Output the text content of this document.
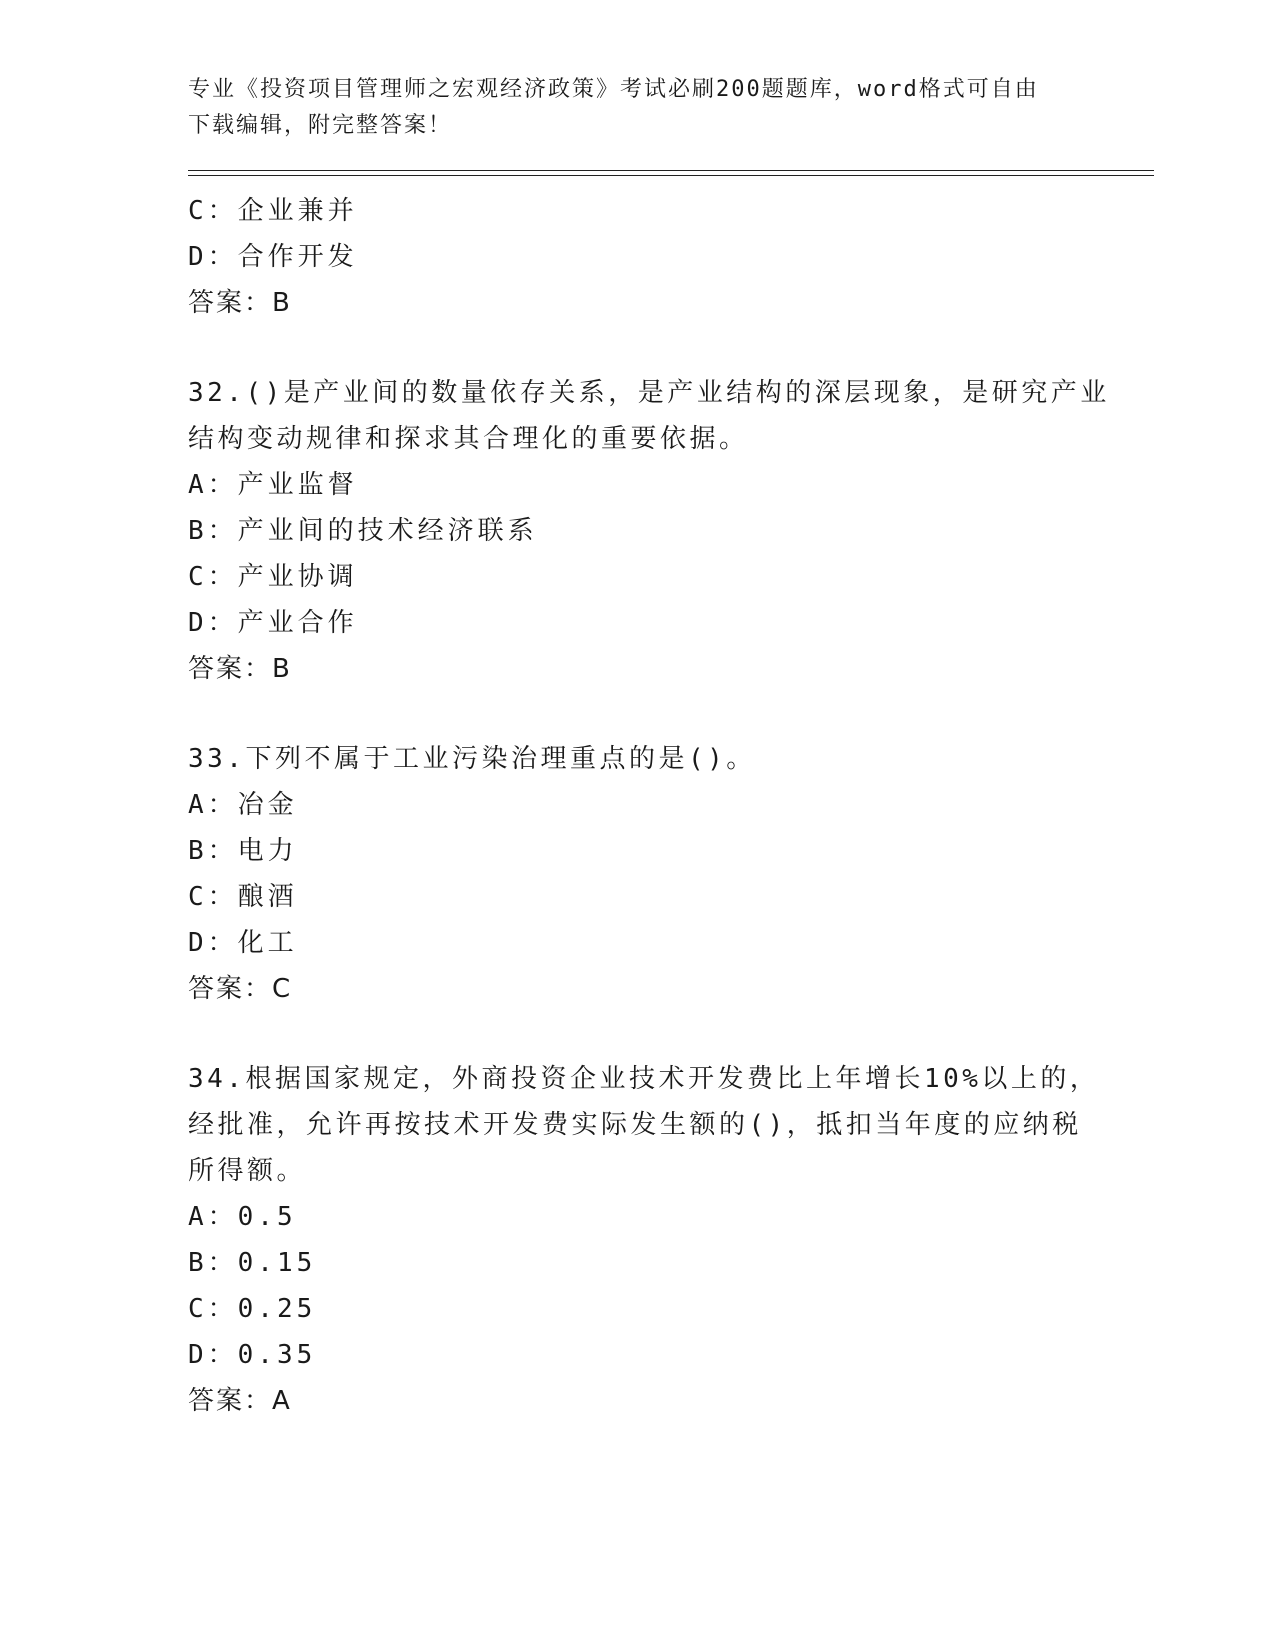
专业《投资项目管理师之宏观经济政策》考试必刷200题题库，word格式可自由
下载编辑，附完整答案！
C：企业兼并
D：合作开发
答案：B
32.()是产业间的数量依存关系，是产业结构的深层现象，是研究产业
结构变动规律和探求其合理化的重要依据。
A：产业监督
B：产业间的技术经济联系
C：产业协调
D：产业合作
答案：B
33.下列不属于工业污染治理重点的是()。
A：冶金
B：电力
C：酿酒
D：化工
答案：C
34.根据国家规定，外商投资企业技术开发费比上年增长10%以上的，
经批准，允许再按技术开发费实际发生额的()，抵扣当年度的应纳税
所得额。
A：0.5
B：0.15
C：0.25
D：0.35
答案：A
